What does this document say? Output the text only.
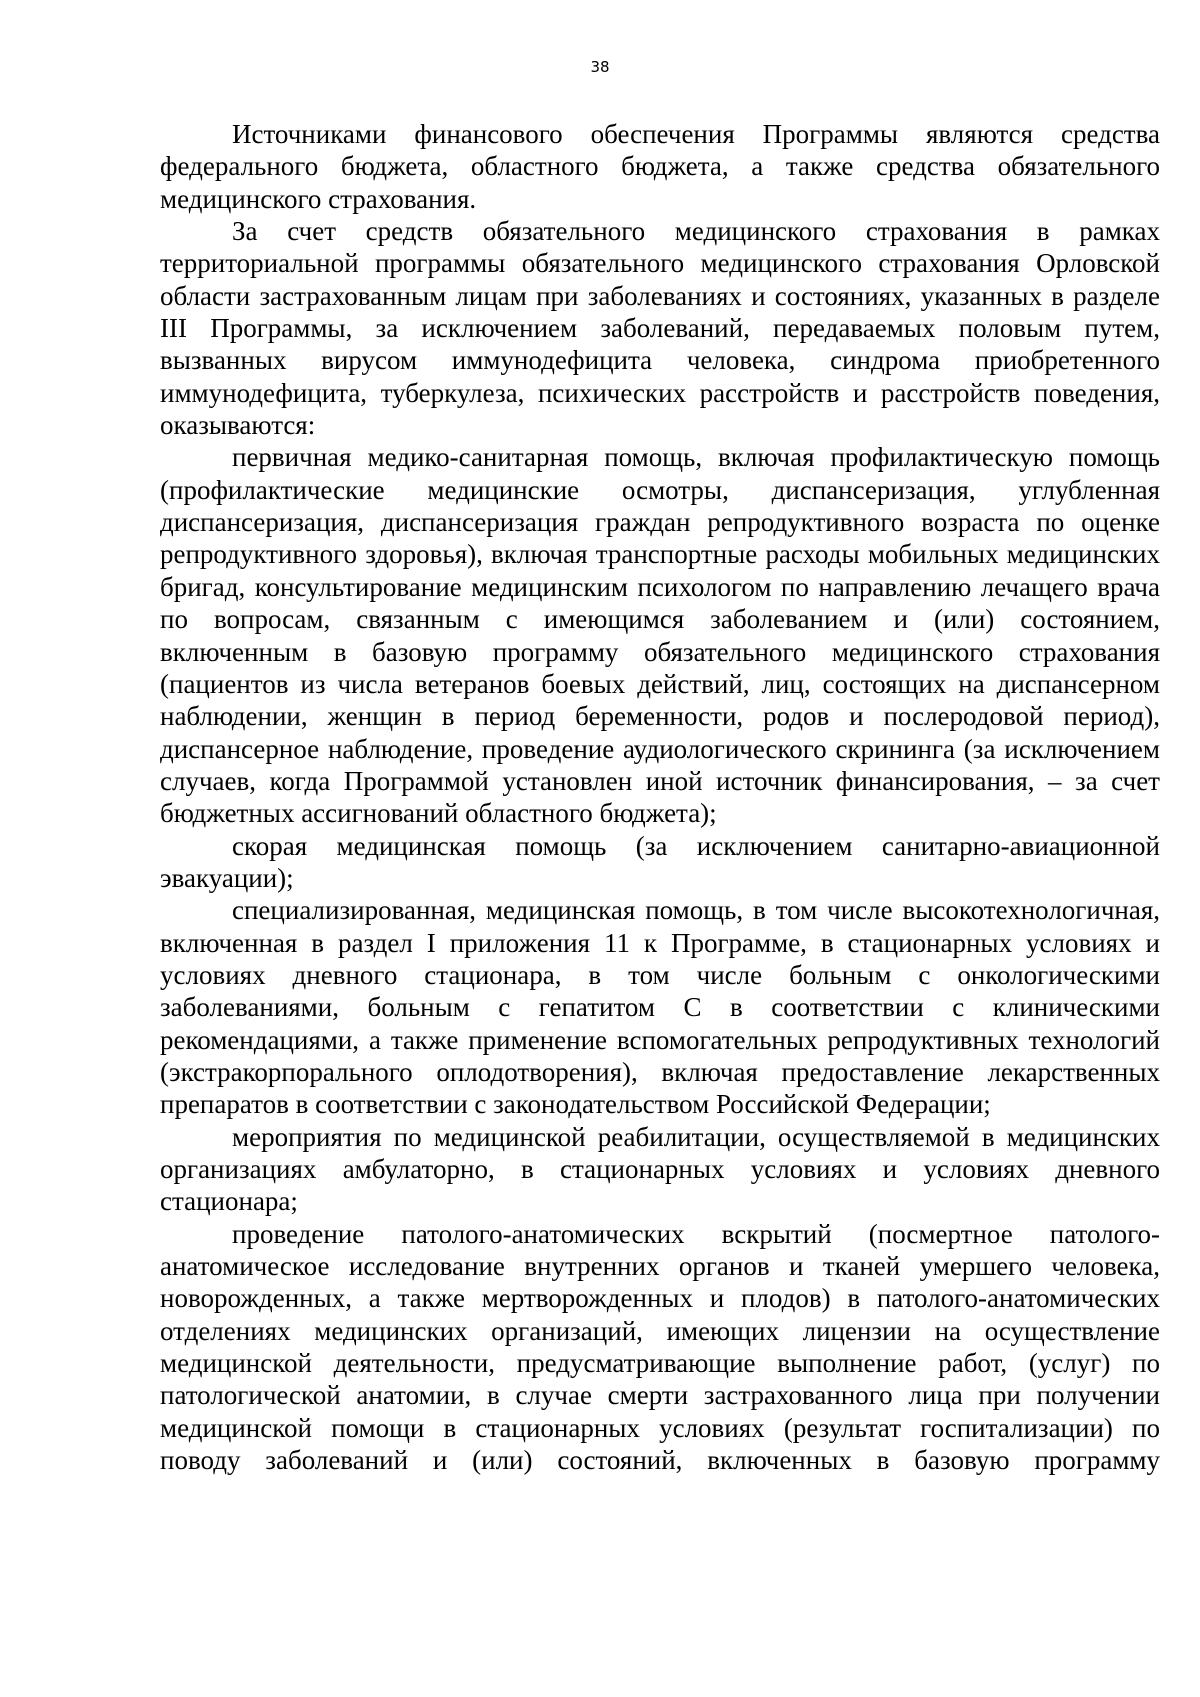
38

Источниками финансового обеспечения Программы являются средства федерального бюджета, областного бюджета, а также средства обязательного медицинского страхования.

За счет средств обязательного медицинского страхования в рамках территориальной программы обязательного медицинского страхования Орловской области застрахованным лицам при заболеваниях и состояниях, указанных в разделе III Программы, за исключением заболеваний, передаваемых половым путем, вызванных вирусом иммунодефицита человека, синдрома приобретенного иммунодефицита, туберкулеза, психических расстройств и расстройств поведения, оказываются:

первичная медико-санитарная помощь, включая профилактическую помощь (профилактические медицинские осмотры, диспансеризация, углубленная диспансеризация, диспансеризация граждан репродуктивного возраста по оценке репродуктивного здоровья), включая транспортные расходы мобильных медицинских бригад, консультирование медицинским психологом по направлению лечащего врача по вопросам, связанным с имеющимся заболеванием и (или) состоянием, включенным в базовую программу обязательного медицинского страхования (пациентов из числа ветеранов боевых действий, лиц, состоящих на диспансерном наблюдении, женщин в период беременности, родов и послеродовой период), диспансерное наблюдение, проведение аудиологического скрининга (за исключением случаев, когда Программой установлен иной источник финансирования, – за счет бюджетных ассигнований областного бюджета);

скорая медицинская помощь (за исключением санитарно-авиационной эвакуации);

специализированная, медицинская помощь, в том числе высокотехнологичная, включенная в раздел I приложения 11 к Программе, в стационарных условиях и условиях дневного стационара, в том числе больным с онкологическими заболеваниями, больным с гепатитом С в соответствии с клиническими рекомендациями, а также применение вспомогательных репродуктивных технологий (экстракорпорального оплодотворения), включая предоставление лекарственных препаратов в соответствии с законодательством Российской Федерации;

мероприятия по медицинской реабилитации, осуществляемой в медицинских организациях амбулаторно, в стационарных условиях и условиях дневного стационара;

проведение патолого-анатомических вскрытий (посмертное патолого-анатомическое исследование внутренних органов и тканей умершего человека, новорожденных, а также мертворожденных и плодов) в патолого-анатомических отделениях медицинских организаций, имеющих лицензии на осуществление медицинской деятельности, предусматривающие выполнение работ, (услуг) по патологической анатомии, в случае смерти застрахованного лица при получении медицинской помощи в стационарных условиях (результат госпитализации) по поводу заболеваний и (или) состояний, включенных в базовую программу
